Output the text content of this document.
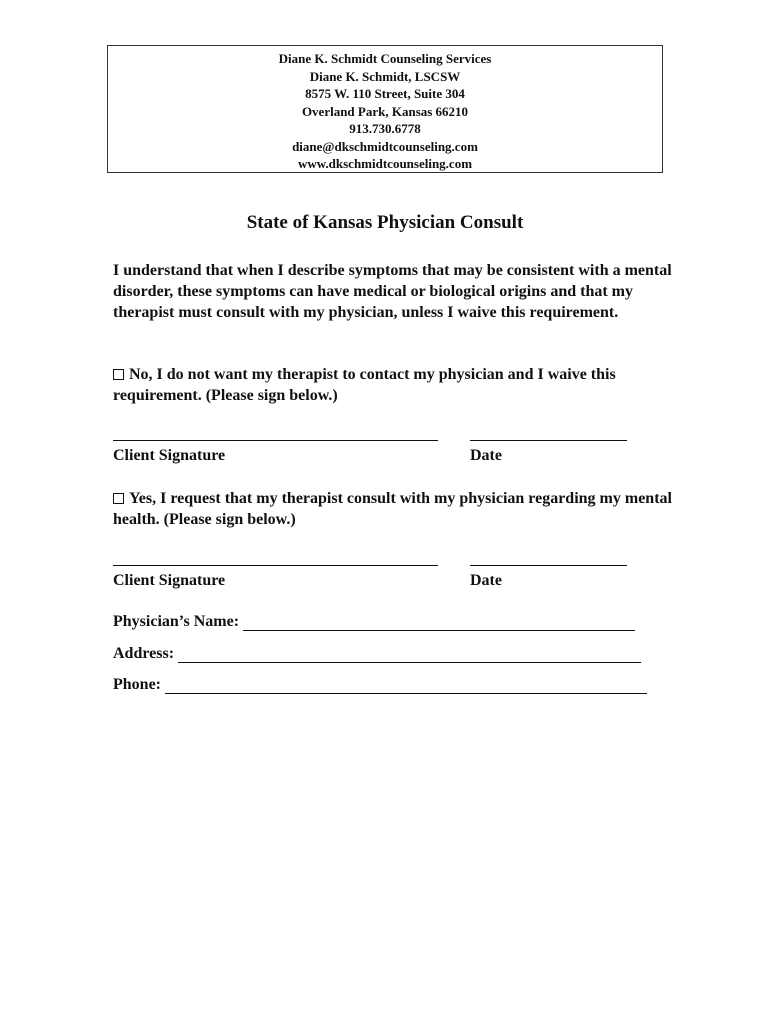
Diane K. Schmidt Counseling Services
Diane K. Schmidt, LSCSW
8575 W. 110 Street, Suite 304
Overland Park, Kansas 66210
913.730.6778
diane@dkschmidtcounseling.com
www.dkschmidtcounseling.com
State of Kansas Physician Consult
I understand that when I describe symptoms that may be consistent with a mental disorder, these symptoms can have medical or biological origins and that my therapist must consult with my physician, unless I waive this requirement.
No, I do not want my therapist to contact my physician and I waive this requirement. (Please sign below.)
Client Signature	Date
Yes, I request that my therapist consult with my physician regarding my mental health. (Please sign below.)
Client Signature	Date
Physician’s Name:
Address:
Phone:
